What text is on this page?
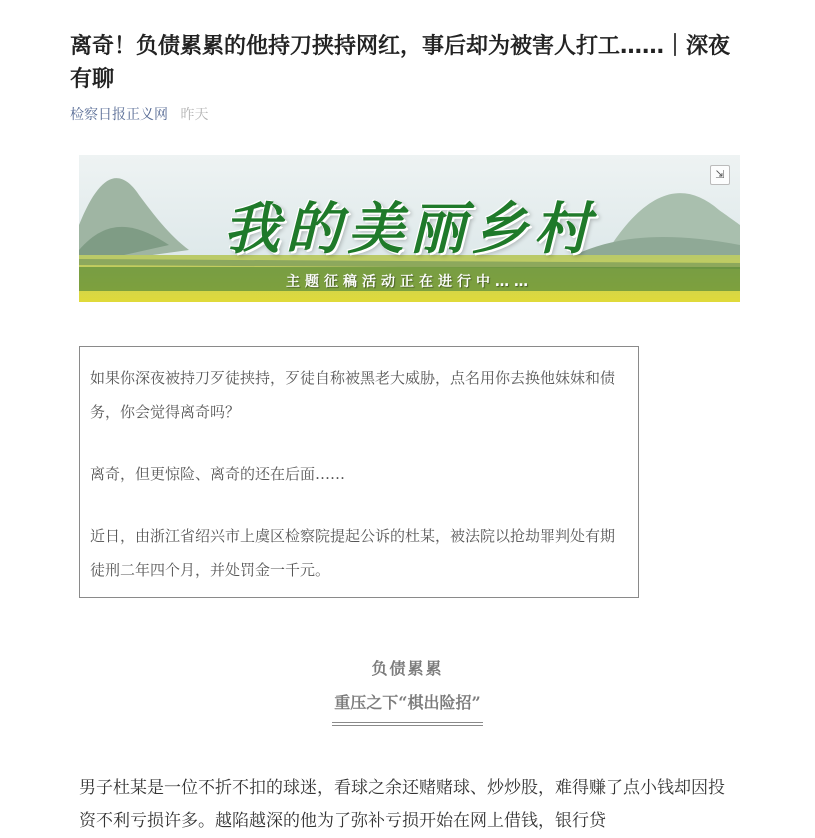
离奇！负债累累的他持刀挟持网红，事后却为被害人打工……｜深夜有聊
检察日报正义网 昨天
⇲
我的美丽乡村
主题征稿活动正在进行中……

如果你深夜被持刀歹徒挟持，歹徒自称被黑老大威胁，点名用你去换他妹妹和债务，你会觉得离奇吗？

离奇，但更惊险、离奇的还在后面……

近日，由浙江省绍兴市上虞区检察院提起公诉的杜某，被法院以抢劫罪判处有期徒刑二年四个月，并处罚金一千元。

负债累累
重压之下“棋出险招”

男子杜某是一位不折不扣的球迷，看球之余还赌赌球、炒炒股，难得赚了点小钱却因投资不利亏损许多。越陷越深的他为了弥补亏损开始在网上借钱，银行贷
